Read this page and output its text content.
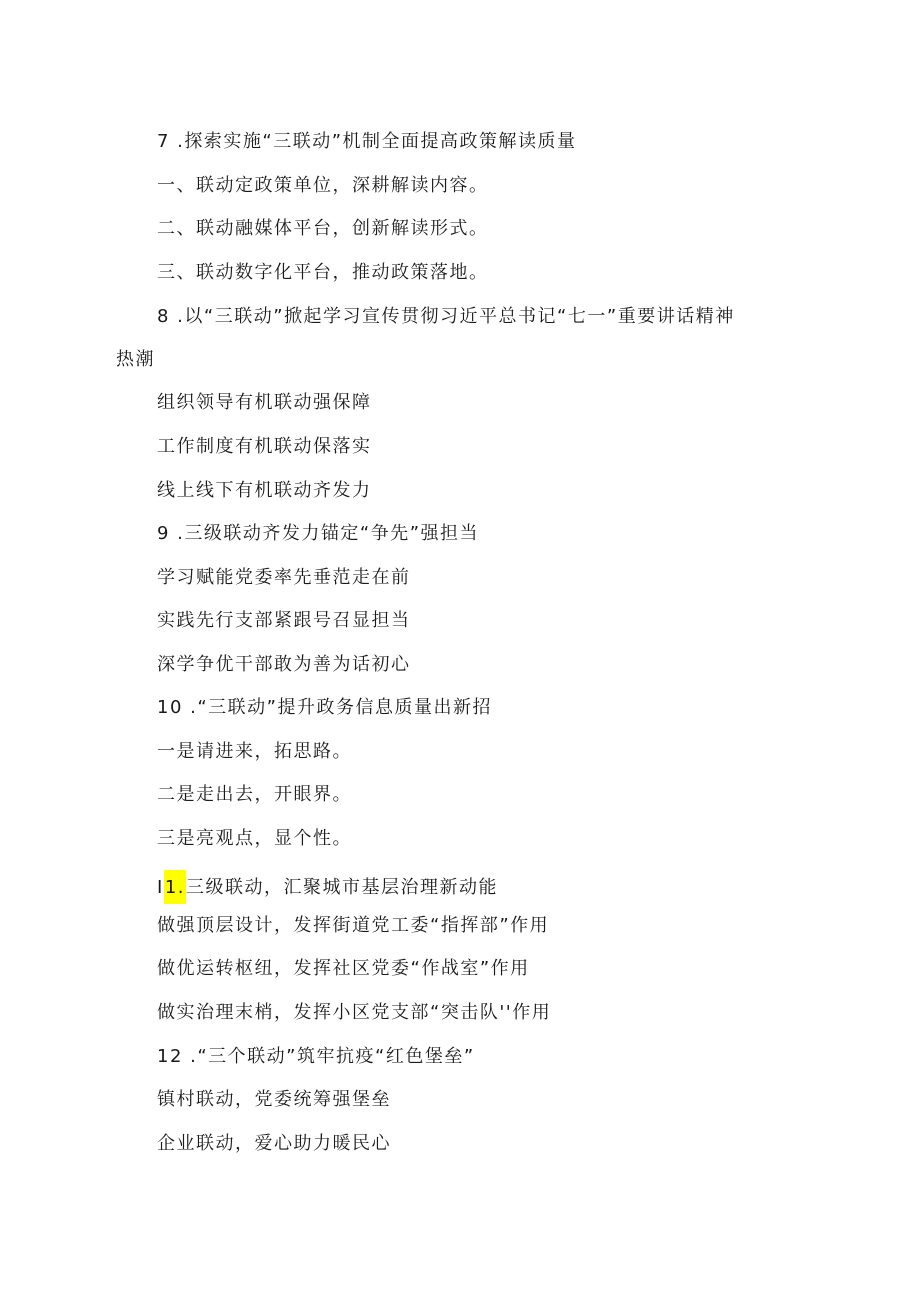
7 .探索实施“三联动”机制全面提高政策解读质量
一、联动定政策单位，深耕解读内容。
二、联动融媒体平台，创新解读形式。
三、联动数字化平台，推动政策落地。
8 .以“三联动”掀起学习宣传贯彻习近平总书记“七一”重要讲话精神
热潮
组织领导有机联动强保障
工作制度有机联动保落实
线上线下有机联动齐发力
9 .三级联动齐发力锚定“争先”强担当
学习赋能党委率先垂范走在前
实践先行支部紧跟号召显担当
深学争优干部敢为善为话初心
10 .“三联动”提升政务信息质量出新招
一是请进来，拓思路。
二是走出去，开眼界。
三是亮观点，显个性。
I1.三级联动，汇聚城市基层治理新动能
做强顶层设计，发挥街道党工委“指挥部”作用
做优运转枢纽，发挥社区党委“作战室”作用
做实治理末梢，发挥小区党支部“突击队''作用
12 .“三个联动”筑牢抗疫“红色堡垒”
镇村联动，党委统筹强堡垒
企业联动，爱心助力暖民心
